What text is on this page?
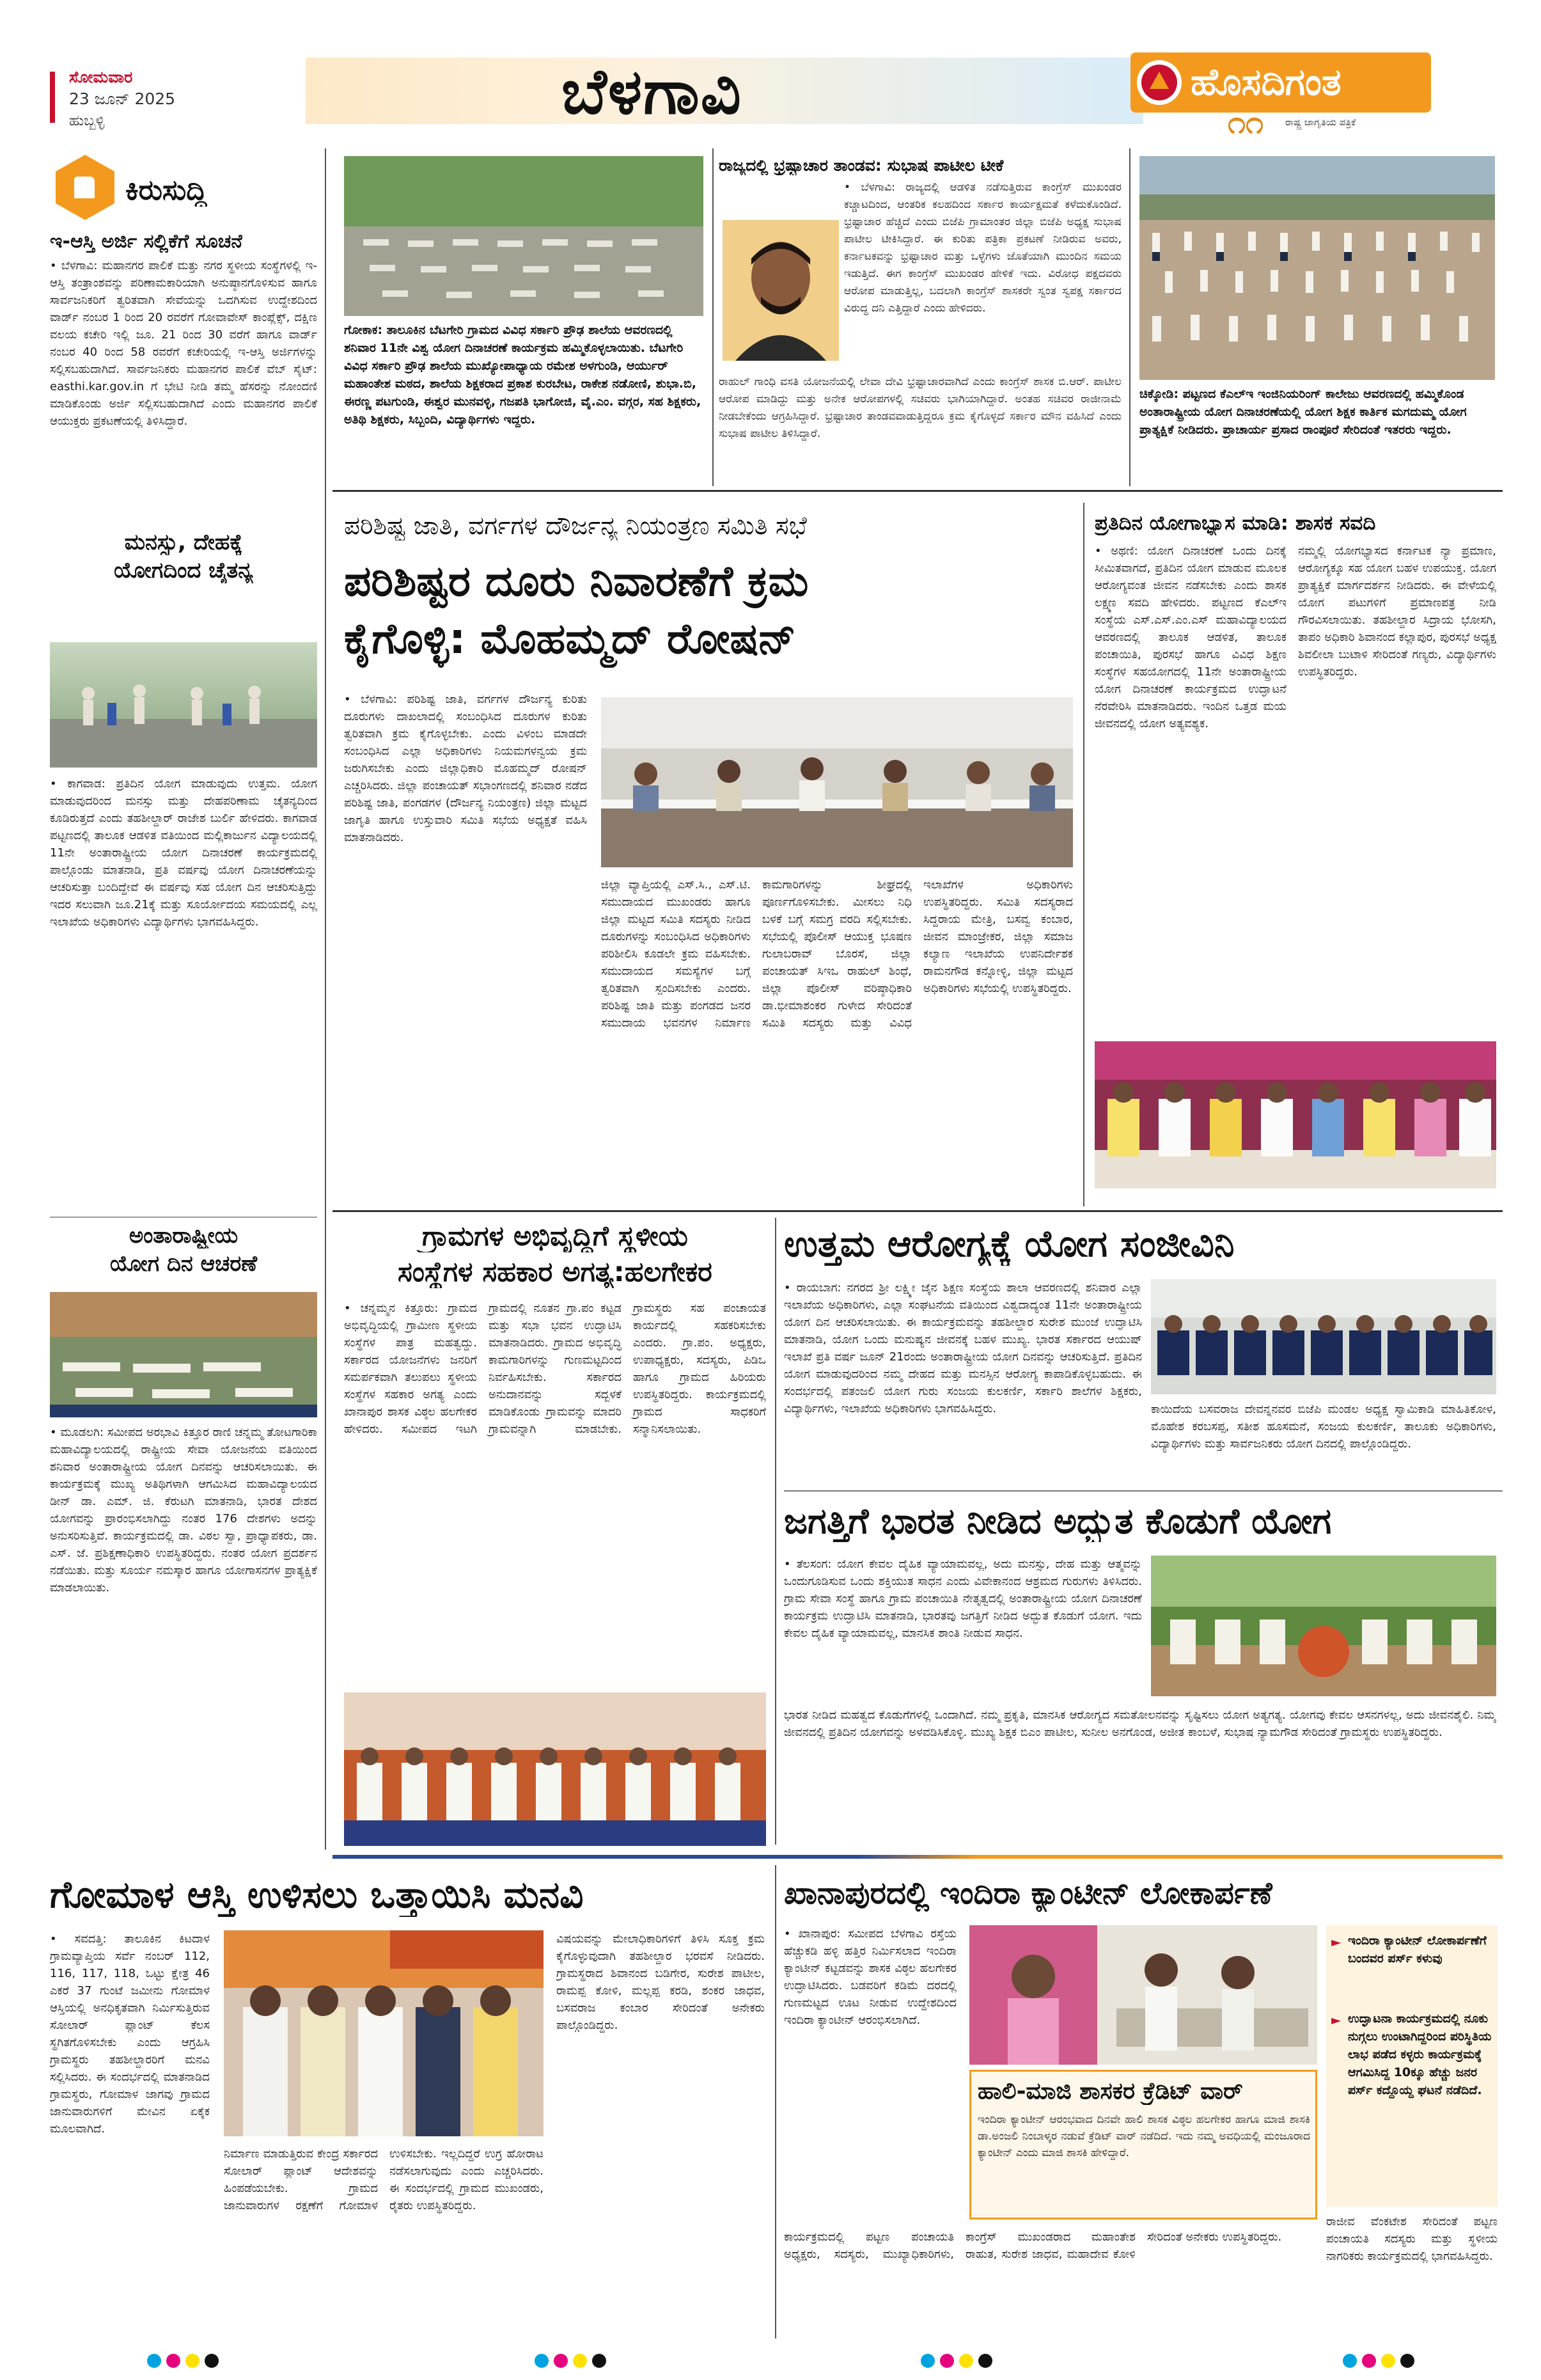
ಸೋಮವಾರ
23 ಜೂನ್ 2025
ಹುಬ್ಬಳ್ಳಿ	ಬೆಳಗಾವಿ	ಹೊಸದಿಗಂತ
ರಾಷ್ಟ್ರ ಜಾಗೃತಿಯ ಪತ್ರಿಕೆ
೧೧
ಕಿರುಸುದ್ದಿ
ಇ-ಆಸ್ತಿ ಅರ್ಜಿ ಸಲ್ಲಿಕೆಗೆ ಸೂಚನೆ
• ಬೆಳಗಾವಿ: ಮಹಾನಗರ ಪಾಲಿಕೆ ಮತ್ತು ನಗರ ಸ್ಥಳೀಯ ಸಂಸ್ಥೆಗಳಲ್ಲಿ ಇ-ಆಸ್ತಿ ತಂತ್ರಾಂಶವನ್ನು ಪರಿಣಾಮಕಾರಿಯಾಗಿ ಅನುಷ್ಠಾನಗೊಳಿಸುವ ಹಾಗೂ ಸಾರ್ವಜನಿಕರಿಗೆ ತ್ವರಿತವಾಗಿ ಸೇವೆಯನ್ನು ಒದಗಿಸುವ ಉದ್ದೇಶದಿಂದ ವಾರ್ಡ್ ನಂಬರ 1 ರಿಂದ 20 ರವರೆಗೆ ಗೋವಾವೇಸ್ ಕಾಂಪ್ಲೆಕ್ಸ್, ದಕ್ಷಿಣ ವಲಯ ಕಚೇರಿ ಇಲ್ಲಿ ಜೂ. 21 ರಿಂದ 30 ವರೆಗೆ ಹಾಗೂ ವಾರ್ಡ್ ನಂಬರ 40 ರಿಂದ 58 ರವರೆಗೆ ಕಚೇರಿಯಲ್ಲಿ ಇ-ಆಸ್ತಿ ಅರ್ಜಿಗಳನ್ನು ಸಲ್ಲಿಸಬಹುದಾಗಿದೆ. ಸಾರ್ವಜನಿಕರು ಮಹಾನಗರ ಪಾಲಿಕೆ ವೆಬ್ ಸೈಟ್: easthi.kar.gov.in ಗೆ ಭೇಟಿ ನೀಡಿ ತಮ್ಮ ಹೆಸರನ್ನು ನೋಂದಣಿ ಮಾಡಿಕೊಂಡು ಅರ್ಜಿ ಸಲ್ಲಿಸಬಹುದಾಗಿದೆ ಎಂದು ಮಹಾನಗರ ಪಾಲಿಕೆ ಆಯುಕ್ತರು ಪ್ರಕಟಣೆಯಲ್ಲಿ ತಿಳಿಸಿದ್ದಾರೆ.
ಮನಸ್ಸು, ದೇಹಕ್ಕೆ
ಯೋಗದಿಂದ ಚೈತನ್ಯ
• ಕಾಗವಾಡ: ಪ್ರತಿದಿನ ಯೋಗ ಮಾಡುವುದು ಉತ್ತಮ. ಯೋಗ ಮಾಡುವುದರಿಂದ ಮನಸ್ಸು ಮತ್ತು ದೇಹಪರಿಣಾಮ ಚೈತನ್ಯದಿಂದ ಕೂಡಿರುತ್ತದೆ ಎಂದು ತಹಶೀಲ್ದಾರ್ ರಾಜೇಶ ಬುರ್ಲಿ ಹೇಳಿದರು. ಕಾಗವಾಡ ಪಟ್ಟಣದಲ್ಲಿ ತಾಲೂಕ ಆಡಳಿತ ವತಿಯಿಂದ ಮಲ್ಲಿಕಾರ್ಜುನ ವಿದ್ಯಾಲಯದಲ್ಲಿ 11ನೇ ಅಂತಾರಾಷ್ಟ್ರೀಯ ಯೋಗ ದಿನಾಚರಣೆ ಕಾರ್ಯಕ್ರಮದಲ್ಲಿ ಪಾಲ್ಗೊಂಡು ಮಾತನಾಡಿ, ಪ್ರತಿ ವರ್ಷವು ಯೋಗ ದಿನಾಚರಣೆಯನ್ನು ಆಚರಿಸುತ್ತಾ ಬಂದಿದ್ದೇವೆ ಈ ವರ್ಷವು ಸಹ ಯೋಗ ದಿನ ಆಚರಿಸುತ್ತಿದ್ದು ಇದರ ಸಲುವಾಗಿ ಜೂ.21ಕ್ಕೆ ಮತ್ತು ಸೂರ್ಯೋದಯ ಸಮಯದಲ್ಲಿ ಎಲ್ಲ ಇಲಾಖೆಯ ಅಧಿಕಾರಿಗಳು ವಿದ್ಯಾರ್ಥಿಗಳು ಭಾಗವಹಿಸಿದ್ದರು.
ಅಂತಾರಾಷ್ಟ್ರೀಯ
ಯೋಗ ದಿನ ಆಚರಣೆ
• ಮೂಡಲಗಿ: ಸಮೀಪದ ಅರಭಾವಿ ಕಿತ್ತೂರ ರಾಣಿ ಚನ್ನಮ್ಮ ತೋಟಗಾರಿಕಾ ಮಹಾವಿದ್ಯಾಲಯದಲ್ಲಿ ರಾಷ್ಟ್ರೀಯ ಸೇವಾ ಯೋಜನೆಯ ವತಿಯಿಂದ ಶನಿವಾರ ಅಂತಾರಾಷ್ಟ್ರೀಯ ಯೋಗ ದಿನವನ್ನು ಆಚರಿಸಲಾಯಿತು. ಈ ಕಾರ್ಯಕ್ರಮಕ್ಕೆ ಮುಖ್ಯ ಅತಿಥಿಗಳಾಗಿ ಆಗಮಿಸಿದ ಮಹಾವಿದ್ಯಾಲಯದ ಡೀನ್ ಡಾ. ಎಮ್. ಜಿ. ಕೆರುಟಗಿ ಮಾತನಾಡಿ, ಭಾರತ ದೇಶದ ಯೋಗವನ್ನು ಪ್ರಾರಂಭಿಸಲಾಗಿದ್ದು ನಂತರ 176 ದೇಶಗಳು ಅದನ್ನು ಅನುಸರಿಸುತ್ತಿವೆ. ಕಾರ್ಯಕ್ರಮದಲ್ಲಿ ಡಾ. ವಿಠಲ ಸ್ವಾ, ಪ್ರಾಧ್ಯಾಪಕರು, ಡಾ. ಎಸ್. ಜೆ. ಪ್ರಶಿಕ್ಷಣಾಧಿಕಾರಿ ಉಪಸ್ಥಿತರಿದ್ದರು. ನಂತರ ಯೋಗ ಪ್ರದರ್ಶನ ನಡೆಯಿತು. ಮತ್ತು ಸೂರ್ಯ ನಮಸ್ಕಾರ ಹಾಗೂ ಯೋಗಾಸನಗಳ ಪ್ರಾತ್ಯಕ್ಷಿಕೆ ಮಾಡಲಾಯಿತು.
ಗೋಕಾಕ: ತಾಲೂಕಿನ ಬೆಟಗೇರಿ ಗ್ರಾಮದ ವಿವಿಧ ಸರ್ಕಾರಿ ಪ್ರೌಢ ಶಾಲೆಯ ಆವರಣದಲ್ಲಿ ಶನಿವಾರ 11ನೇ ವಿಶ್ವ ಯೋಗ ದಿನಾಚರಣೆ ಕಾರ್ಯಕ್ರಮ ಹಮ್ಮಿಕೊಳ್ಳಲಾಯಿತು. ಬೆಟಗೇರಿ ವಿವಿಧ ಸರ್ಕಾರಿ ಪ್ರೌಢ ಶಾಲೆಯ ಮುಖ್ಯೋಪಾಧ್ಯಾಯ ರಮೇಶ ಅಳಗುಂಡಿ, ಆರ್ಯುರ್ ಮಹಾಂತೇಶ ಮಠದ, ಶಾಲೆಯ ಶಿಕ್ಷಕರಾದ ಪ್ರಕಾಶ ಕುರಬೇಟ, ರಾಕೇಶ ನಡೋಣಿ, ಶುಭಾ.ಬಿ, ಈರಣ್ಣ ಪಟಗುಂಡಿ, ಈಶ್ವರ ಮುನವಳ್ಳಿ, ಗಜಪತಿ ಭಾಗೋಜಿ, ವೈ.ಎಂ. ವಗ್ಗರ, ಸಹ ಶಿಕ್ಷಕರು, ಅತಿಥಿ ಶಿಕ್ಷಕರು, ಸಿಬ್ಬಂದಿ, ವಿದ್ಯಾರ್ಥಿಗಳು ಇದ್ದರು.
ರಾಜ್ಯದಲ್ಲಿ ಭ್ರಷ್ಟಾಚಾರ ತಾಂಡವ: ಸುಭಾಷ ಪಾಟೀಲ ಟೀಕೆ
• ಬೆಳಗಾವಿ: ರಾಜ್ಯದಲ್ಲಿ ಆಡಳಿತ ನಡೆಸುತ್ತಿರುವ ಕಾಂಗ್ರೆಸ್ ಮುಖಂಡರ ಕಚ್ಚಾಟದಿಂದ, ಆಂತರಿಕ ಕಲಹದಿಂದ ಸರ್ಕಾರ ಕಾರ್ಯಕ್ಷಮತೆ ಕಳೆದುಕೊಂಡಿದೆ. ಭ್ರಷ್ಟಾಚಾರ ಹೆಚ್ಚಿದೆ ಎಂದು ಬಿಜೆಪಿ ಗ್ರಾಮಾಂತರ ಜಿಲ್ಲಾ ಬಿಜೆಪಿ ಅಧ್ಯಕ್ಷ ಸುಭಾಷ ಪಾಟೀಲ ಟೀಕಿಸಿದ್ದಾರೆ. ಈ ಕುರಿತು ಪತ್ರಿಕಾ ಪ್ರಕಟಣೆ ನೀಡಿರುವ ಅವರು, ಕರ್ನಾಟಕವನ್ನು ಭ್ರಷ್ಟಾಚಾರ ಮತ್ತು ಒಳ್ಳೆಗಳು ಜೊತೆಯಾಗಿ ಮುಂದಿನ ಸಮಯ ಇಡುತ್ತಿದೆ. ಈಗ ಕಾಂಗ್ರೆಸ್ ಮುಖಂಡರ ಹೇಳಿಕೆ ಇದು. ವಿರೋಧ ಪಕ್ಷದವರು ಆರೋಪ ಮಾಡುತ್ತಿಲ್ಲ, ಬದಲಾಗಿ ಕಾಂಗ್ರೆಸ್ ಶಾಸಕರೇ ಸ್ವಂತ ಸ್ವಪಕ್ಷ ಸರ್ಕಾರದ ವಿರುದ್ಧ ದನಿ ಎತ್ತಿದ್ದಾರೆ ಎಂದು ಹೇಳಿದರು.
ರಾಹುಲ್ ಗಾಂಧಿ ವಸತಿ ಯೋಜನೆಯಲ್ಲಿ ಲೇವಾ ದೇವಿ ಭ್ರಷ್ಟಾಚಾರವಾಗಿದೆ ಎಂದು ಕಾಂಗ್ರೆಸ್ ಶಾಸಕ ಬಿ.ಆರ್. ಪಾಟೀಲ ಆರೋಪ ಮಾಡಿದ್ದು ಮತ್ತು ಅನೇಕ ಆರೋಪಗಳಲ್ಲಿ ಸಚಿವರು ಭಾಗಿಯಾಗಿದ್ದಾರೆ. ಅಂತಹ ಸಚಿವರ ರಾಜೀನಾಮೆ ನೀಡಬೇಕೆಂದು ಆಗ್ರಹಿಸಿದ್ದಾರೆ. ಭ್ರಷ್ಟಾಚಾರ ತಾಂಡವವಾಡುತ್ತಿದ್ದರೂ ಕ್ರಮ ಕೈಗೊಳ್ಳದೆ ಸರ್ಕಾರ ಮೌನ ವಹಿಸಿದೆ ಎಂದು ಸುಭಾಷ ಪಾಟೀಲ ತಿಳಿಸಿದ್ದಾರೆ.
ಚಿಕ್ಕೋಡಿ: ಪಟ್ಟಣದ ಕೆಎಲ್‌ಇ ಇಂಜಿನಿಯರಿಂಗ್ ಕಾಲೇಜು ಆವರಣದಲ್ಲಿ ಹಮ್ಮಿಕೊಂಡ ಅಂತಾರಾಷ್ಟ್ರೀಯ ಯೋಗ ದಿನಾಚರಣೆಯಲ್ಲಿ ಯೋಗ ಶಿಕ್ಷಕ ಕಾರ್ತಿಕ ಮಗದುಮ್ಮ ಯೋಗ ಪ್ರಾತ್ಯಕ್ಷಿಕೆ ನೀಡಿದರು. ಪ್ರಾಚಾರ್ಯ ಪ್ರಸಾದ ರಾಂಪೂರೆ ಸೇರಿದಂತೆ ಇತರರು ಇದ್ದರು.
ಪರಿಶಿಷ್ಟ ಜಾತಿ, ವರ್ಗಗಳ ದೌರ್ಜನ್ಯ ನಿಯಂತ್ರಣ ಸಮಿತಿ ಸಭೆ
ಪರಿಶಿಷ್ಟರ ದೂರು ನಿವಾರಣೆಗೆ ಕ್ರಮ
ಕೈಗೊಳ್ಳಿ: ಮೊಹಮ್ಮದ್ ರೋಷನ್
• ಬೆಳಗಾವಿ: ಪರಿಶಿಷ್ಟ ಜಾತಿ, ವರ್ಗಗಳ ದೌರ್ಜನ್ಯ ಕುರಿತು ದೂರುಗಳು ದಾಖಲಾದಲ್ಲಿ ಸಂಬಂಧಿಸಿದ ದೂರುಗಳ ಕುರಿತು ತ್ವರಿತವಾಗಿ ಕ್ರಮ ಕೈಗೊಳ್ಳಬೇಕು. ಎಂದು ವಿಳಂಬ ಮಾಡದೇ ಸಂಬಂಧಿಸಿದ ಎಲ್ಲಾ ಅಧಿಕಾರಿಗಳು ನಿಯಮಗಳನ್ವಯ ಕ್ರಮ ಜರುಗಿಸಬೇಕು ಎಂದು ಜಿಲ್ಲಾಧಿಕಾರಿ ಮೊಹಮ್ಮದ್ ರೋಷನ್ ಎಚ್ಚರಿಸಿದರು. ಜಿಲ್ಲಾ ಪಂಚಾಯತ್ ಸಭಾಂಗಣದಲ್ಲಿ ಶನಿವಾರ ನಡೆದ ಪರಿಶಿಷ್ಟ ಜಾತಿ, ಪಂಗಡಗಳ (ದೌರ್ಜನ್ಯ ನಿಯಂತ್ರಣ) ಜಿಲ್ಲಾ ಮಟ್ಟದ ಜಾಗೃತಿ ಹಾಗೂ ಉಸ್ತುವಾರಿ ಸಮಿತಿ ಸಭೆಯ ಅಧ್ಯಕ್ಷತೆ ವಹಿಸಿ ಮಾತನಾಡಿದರು.
ಜಿಲ್ಲಾ ವ್ಯಾಪ್ತಿಯಲ್ಲಿ ಎಸ್.ಸಿ., ಎಸ್.ಟಿ. ಸಮುದಾಯದ ಮುಖಂಡರು ಹಾಗೂ ಜಿಲ್ಲಾ ಮಟ್ಟದ ಸಮಿತಿ ಸದಸ್ಯರು ನೀಡಿದ ದೂರುಗಳನ್ನು ಸಂಬಂಧಿಸಿದ ಅಧಿಕಾರಿಗಳು ಪರಿಶೀಲಿಸಿ ಕೂಡಲೇ ಕ್ರಮ ವಹಿಸಬೇಕು. ಸಮುದಾಯದ ಸಮಸ್ಯೆಗಳ ಬಗ್ಗೆ ತ್ವರಿತವಾಗಿ ಸ್ಪಂದಿಸಬೇಕು ಎಂದರು. ಪರಿಶಿಷ್ಟ ಜಾತಿ ಮತ್ತು ಪಂಗಡದ ಜನರ ಸಮುದಾಯ ಭವನಗಳ ನಿರ್ಮಾಣ ಕಾಮಗಾರಿಗಳನ್ನು ಶೀಘ್ರದಲ್ಲಿ ಪೂರ್ಣಗೊಳಿಸಬೇಕು. ಮೀಸಲು ನಿಧಿ ಬಳಕೆ ಬಗ್ಗೆ ಸಮಗ್ರ ವರದಿ ಸಲ್ಲಿಸಬೇಕು. ಸಭೆಯಲ್ಲಿ ಪೊಲೀಸ್ ಆಯುಕ್ತ ಭೂಷಣ ಗುಲಾಬರಾವ್ ಬೊರಸೆ, ಜಿಲ್ಲಾ ಪಂಚಾಯತ್ ಸಿಇಒ ರಾಹುಲ್ ಶಿಂಧೆ, ಜಿಲ್ಲಾ ಪೊಲೀಸ್ ವರಿಷ್ಠಾಧಿಕಾರಿ ಡಾ.ಭೀಮಾಶಂಕರ ಗುಳೇದ ಸೇರಿದಂತೆ ಸಮಿತಿ ಸದಸ್ಯರು ಮತ್ತು ವಿವಿಧ ಇಲಾಖೆಗಳ ಅಧಿಕಾರಿಗಳು ಉಪಸ್ಥಿತರಿದ್ದರು. ಸಮಿತಿ ಸದಸ್ಯರಾದ ಸಿದ್ದರಾಯ ಮೇತ್ರಿ, ಬಸವ್ವ ಕಂಬಾರ, ಜೀವನ ಮಾಂಜ್ರೇಕರ, ಜಿಲ್ಲಾ ಸಮಾಜ ಕಲ್ಯಾಣ ಇಲಾಖೆಯ ಉಪನಿರ್ದೇಶಕ ರಾಮನಗೌಡ ಕನ್ನೋಳ್ಳಿ, ಜಿಲ್ಲಾ ಮಟ್ಟದ ಅಧಿಕಾರಿಗಳು ಸಭೆಯಲ್ಲಿ ಉಪಸ್ಥಿತರಿದ್ದರು.
ಪ್ರತಿದಿನ ಯೋಗಾಭ್ಯಾಸ ಮಾಡಿ: ಶಾಸಕ ಸವದಿ
• ಅಥಣಿ: ಯೋಗ ದಿನಾಚರಣೆ ಒಂದು ದಿನಕ್ಕೆ ಸೀಮಿತವಾಗದೆ, ಪ್ರತಿದಿನ ಯೋಗ ಮಾಡುವ ಮೂಲಕ ಆರೋಗ್ಯವಂತ ಜೀವನ ನಡೆಸಬೇಕು ಎಂದು ಶಾಸಕ ಲಕ್ಷ್ಮಣ ಸವದಿ ಹೇಳಿದರು. ಪಟ್ಟಣದ ಕೆಎಲ್‌ಇ ಸಂಸ್ಥೆಯ ಎಸ್.ಎಸ್.ಎಂ.ಎಸ್ ಮಹಾವಿದ್ಯಾಲಯದ ಆವರಣದಲ್ಲಿ ತಾಲೂಕ ಆಡಳಿತ, ತಾಲೂಕ ಪಂಚಾಯಿತಿ, ಪುರಸಭೆ ಹಾಗೂ ವಿವಿಧ ಶಿಕ್ಷಣ ಸಂಸ್ಥೆಗಳ ಸಹಯೋಗದಲ್ಲಿ 11ನೇ ಅಂತಾರಾಷ್ಟ್ರೀಯ ಯೋಗ ದಿನಾಚರಣೆ ಕಾರ್ಯಕ್ರಮದ ಉದ್ಘಾಟನೆ ನೆರವೇರಿಸಿ ಮಾತನಾಡಿದರು. ಇಂದಿನ ಒತ್ತಡ ಮಯ ಜೀವನದಲ್ಲಿ ಯೋಗ ಅತ್ಯವಶ್ಯಕ.
ನಮ್ಮಲ್ಲಿ ಯೋಗಭ್ಯಾಸದ ಕರ್ನಾಟಕ ನ್ಯಾ ಪ್ರಮಾಣ, ಆರೋಗ್ಯಕ್ಕೂ ಸಹ ಯೋಗ ಬಹಳ ಉಪಯುಕ್ತ. ಯೋಗ ಪ್ರಾತ್ಯಕ್ಷಿಕೆ ಮಾರ್ಗದರ್ಶನ ನೀಡಿದರು. ಈ ವೇಳೆಯಲ್ಲಿ ಯೋಗ ಪಟುಗಳಿಗೆ ಪ್ರಮಾಣಪತ್ರ ನೀಡಿ ಗೌರವಿಸಲಾಯಿತು. ತಹಶೀಲ್ದಾರ ಸಿದ್ರಾಯ ಭೋಸಗಿ, ತಾಪಂ ಅಧಿಕಾರಿ ಶಿವಾನಂದ ಕಲ್ಲಾಪುರ, ಪುರಸಭೆ ಅಧ್ಯಕ್ಷ ಶಿವಲೀಲಾ ಬುಟಾಳಿ ಸೇರಿದಂತೆ ಗಣ್ಯರು, ವಿದ್ಯಾರ್ಥಿಗಳು ಉಪಸ್ಥಿತರಿದ್ದರು.
ಗ್ರಾಮಗಳ ಅಭಿವೃದ್ಧಿಗೆ ಸ್ಥಳೀಯ
ಸಂಸ್ಥೆಗಳ ಸಹಕಾರ ಅಗತ್ಯ:ಹಲಗೇಕರ
• ಚನ್ನಮ್ಮನ ಕಿತ್ತೂರು: ಗ್ರಾಮದ ಅಭಿವೃದ್ಧಿಯಲ್ಲಿ ಗ್ರಾಮೀಣ ಸ್ಥಳೀಯ ಸಂಸ್ಥೆಗಳ ಪಾತ್ರ ಮಹತ್ವದ್ದು. ಸರ್ಕಾರದ ಯೋಜನೆಗಳು ಜನರಿಗೆ ಸಮರ್ಪಕವಾಗಿ ತಲುಪಲು ಸ್ಥಳೀಯ ಸಂಸ್ಥೆಗಳ ಸಹಕಾರ ಅಗತ್ಯ ಎಂದು ಖಾನಾಪುರ ಶಾಸಕ ವಿಠ್ಠಲ ಹಲಗೇಕರ ಹೇಳಿದರು. ಸಮೀಪದ ಇಟಗಿ ಗ್ರಾಮದಲ್ಲಿ ನೂತನ ಗ್ರಾ.ಪಂ ಕಟ್ಟಡ ಮತ್ತು ಸಭಾ ಭವನ ಉದ್ಘಾಟಿಸಿ ಮಾತನಾಡಿದರು. ಗ್ರಾಮದ ಅಭಿವೃದ್ಧಿ ಕಾಮಗಾರಿಗಳನ್ನು ಗುಣಮಟ್ಟದಿಂದ ನಿರ್ವಹಿಸಬೇಕು. ಸರ್ಕಾರದ ಅನುದಾನವನ್ನು ಸದ್ಬಳಕೆ ಮಾಡಿಕೊಂಡು ಗ್ರಾಮವನ್ನು ಮಾದರಿ ಗ್ರಾಮವನ್ನಾಗಿ ಮಾಡಬೇಕು. ಗ್ರಾಮಸ್ಥರು ಸಹ ಪಂಚಾಯತ ಕಾರ್ಯದಲ್ಲಿ ಸಹಕರಿಸಬೇಕು ಎಂದರು. ಗ್ರಾ.ಪಂ. ಅಧ್ಯಕ್ಷರು, ಉಪಾಧ್ಯಕ್ಷರು, ಸದಸ್ಯರು, ಪಿಡಿಒ ಹಾಗೂ ಗ್ರಾಮದ ಹಿರಿಯರು ಉಪಸ್ಥಿತರಿದ್ದರು. ಕಾರ್ಯಕ್ರಮದಲ್ಲಿ ಗ್ರಾಮದ ಸಾಧಕರಿಗೆ ಸನ್ಮಾನಿಸಲಾಯಿತು.
ಉತ್ತಮ ಆರೋಗ್ಯಕ್ಕೆ ಯೋಗ ಸಂಜೀವಿನಿ
• ರಾಯಬಾಗ: ನಗರದ ಶ್ರೀ ಲಕ್ಷ್ಮೀ ಜೈನ ಶಿಕ್ಷಣ ಸಂಸ್ಥೆಯ ಶಾಲಾ ಆವರಣದಲ್ಲಿ ಶನಿವಾರ ಎಲ್ಲಾ ಇಲಾಖೆಯ ಅಧಿಕಾರಿಗಳು, ಎಲ್ಲಾ ಸಂಘಟನೆಯ ವತಿಯಿಂದ ವಿಶ್ವದಾದ್ಯಂತ 11ನೇ ಅಂತಾರಾಷ್ಟ್ರೀಯ ಯೋಗ ದಿನ ಆಚರಿಸಲಾಯಿತು. ಈ ಕಾರ್ಯಕ್ರಮವನ್ನು ತಹಶೀಲ್ದಾರ ಸುರೇಶ ಮುಂಜೆ ಉದ್ಘಾಟಿಸಿ ಮಾತನಾಡಿ, ಯೋಗ ಒಂದು ಮನುಷ್ಯನ ಜೀವನಕ್ಕೆ ಬಹಳ ಮುಖ್ಯ. ಭಾರತ ಸರ್ಕಾರದ ಆಯುಷ್ ಇಲಾಖೆ ಪ್ರತಿ ವರ್ಷ ಜೂನ್ 21ರಂದು ಅಂತಾರಾಷ್ಟ್ರೀಯ ಯೋಗ ದಿನವನ್ನು ಆಚರಿಸುತ್ತಿದೆ. ಪ್ರತಿದಿನ ಯೋಗ ಮಾಡುವುದರಿಂದ ನಮ್ಮ ದೇಹದ ಮತ್ತು ಮನಸ್ಸಿನ ಆರೋಗ್ಯ ಕಾಪಾಡಿಕೊಳ್ಳಬಹುದು. ಈ ಸಂದರ್ಭದಲ್ಲಿ ಪತಂಜಲಿ ಯೋಗ ಗುರು ಸಂಜಯ ಕುಲಕರ್ಣಿ, ಸರ್ಕಾರಿ ಶಾಲೆಗಳ ಶಿಕ್ಷಕರು, ವಿದ್ಯಾರ್ಥಿಗಳು, ಇಲಾಖೆಯ ಅಧಿಕಾರಿಗಳು ಭಾಗವಹಿಸಿದ್ದರು.	ಕಾಯಿದೆಯ ಬಸವರಾಜ ದೇವನ್ನನವರ ಬಿಜೆಪಿ ಮಂಡಲ ಅಧ್ಯಕ್ಷ ಸ್ವಾಮಿಕಾಡಿ ಮಾಹಿತಿಕೋಳ, ಮೊಹೇಶ ಕರಬಸಪ್ಪ, ಸತೀಶ ಹೂಸಮನೆ, ಸಂಜಯ ಕುಲಕರ್ಣಿ, ತಾಲೂಕು ಅಧಿಕಾರಿಗಳು, ವಿದ್ಯಾರ್ಥಿಗಳು ಮತ್ತು ಸಾರ್ವಜನಿಕರು ಯೋಗ ದಿನದಲ್ಲಿ ಪಾಲ್ಗೊಂಡಿದ್ದರು.
ಜಗತ್ತಿಗೆ ಭಾರತ ನೀಡಿದ ಅದ್ಭುತ ಕೊಡುಗೆ ಯೋಗ
• ತೆಲಸಂಗ: ಯೋಗ ಕೇವಲ ದೈಹಿಕ ವ್ಯಾಯಾಮವಲ್ಲ, ಅದು ಮನಸ್ಸು, ದೇಹ ಮತ್ತು ಆತ್ಮವನ್ನು ಒಂದುಗೂಡಿಸುವ ಒಂದು ಶಕ್ತಿಯುತ ಸಾಧನ ಎಂದು ವಿವೇಕಾನಂದ ಆಶ್ರಮದ ಗುರುಗಳು ತಿಳಿಸಿದರು. ಗ್ರಾಮ ಸೇವಾ ಸಂಸ್ಥೆ ಹಾಗೂ ಗ್ರಾಮ ಪಂಚಾಯಿತಿ ನೇತೃತ್ವದಲ್ಲಿ ಅಂತಾರಾಷ್ಟ್ರೀಯ ಯೋಗ ದಿನಾಚರಣೆ ಕಾರ್ಯಕ್ರಮ ಉದ್ಘಾಟಿಸಿ ಮಾತನಾಡಿ, ಭಾರತವು ಜಗತ್ತಿಗೆ ನೀಡಿದ ಅದ್ಭುತ ಕೊಡುಗೆ ಯೋಗ. ಇದು ಕೇವಲ ದೈಹಿಕ ವ್ಯಾಯಾಮವಲ್ಲ, ಮಾನಸಿಕ ಶಾಂತಿ ನೀಡುವ ಸಾಧನ.
ಭಾರತ ನೀಡಿದ ಮಹತ್ವದ ಕೊಡುಗೆಗಳಲ್ಲಿ ಒಂದಾಗಿದೆ. ನಮ್ಮ ಪ್ರಕೃತಿ, ಮಾನಸಿಕ ಆರೋಗ್ಯದ ಸಮತೋಲನವನ್ನು ಸೃಷ್ಟಿಸಲು ಯೋಗ ಅತ್ಯಗತ್ಯ. ಯೋಗವು ಕೇವಲ ಆಸನಗಳಲ್ಲ, ಅದು ಜೀವನಶೈಲಿ. ನಿಮ್ಮ ಜೀವನದಲ್ಲಿ ಪ್ರತಿದಿನ ಯೋಗವನ್ನು ಅಳವಡಿಸಿಕೊಳ್ಳಿ. ಮುಖ್ಯ ಶಿಕ್ಷಕ ಬಿಎಂ ಪಾಟೀಲ, ಸುನೀಲ ಅನಗೊಂಡ, ಅಜೀತ ಕಾಂಬಳೆ, ಸುಭಾಷ ನ್ಯಾಮಗೌಡ ಸೇರಿದಂತೆ ಗ್ರಾಮಸ್ಥರು ಉಪಸ್ಥಿತರಿದ್ದರು.
ಗೋಮಾಳ ಆಸ್ತಿ ಉಳಿಸಲು ಒತ್ತಾಯಿಸಿ ಮನವಿ
• ಸವದತ್ತಿ: ತಾಲೂಕಿನ ಕಿಟದಾಳ ಗ್ರಾಮವ್ಯಾಪ್ತಿಯ ಸರ್ವೆ ನಂಬರ್ 112, 116, 117, 118, ಒಟ್ಟು ಕ್ಷೇತ್ರ 46 ಎಕರೆ 37 ಗುಂಟೆ ಜಮೀನು ಗೋಮಾಳ ಆಸ್ತಿಯಲ್ಲಿ ಅನಧಿಕೃತವಾಗಿ ನಿರ್ಮಿಸುತ್ತಿರುವ ಸೋಲಾರ್ ಪ್ಲಾಂಟ್ ಕೆಲಸ ಸ್ಥಗಿತಗೊಳಿಸಬೇಕು ಎಂದು ಆಗ್ರಹಿಸಿ ಗ್ರಾಮಸ್ಥರು ತಹಶೀಲ್ದಾರರಿಗೆ ಮನವಿ ಸಲ್ಲಿಸಿದರು. ಈ ಸಂದರ್ಭದಲ್ಲಿ ಮಾತನಾಡಿದ ಗ್ರಾಮಸ್ಥರು, ಗೋಮಾಳ ಜಾಗವು ಗ್ರಾಮದ ಜಾನುವಾರುಗಳಿಗೆ ಮೇವಿನ ಏಕೈಕ ಮೂಲವಾಗಿದೆ.
ನಿರ್ಮಾಣ ಮಾಡುತ್ತಿರುವ ಕೇಂದ್ರ ಸರ್ಕಾರದ ಸೋಲಾರ್ ಪ್ಲಾಂಟ್ ಆದೇಶವನ್ನು ಹಿಂಪಡೆಯಬೇಕು. ಗ್ರಾಮದ ಜಾನುವಾರುಗಳ ರಕ್ಷಣೆಗೆ ಗೋಮಾಳ ಉಳಿಸಬೇಕು. ಇಲ್ಲದಿದ್ದರೆ ಉಗ್ರ ಹೋರಾಟ ನಡೆಸಲಾಗುವುದು ಎಂದು ಎಚ್ಚರಿಸಿದರು. ಈ ಸಂದರ್ಭದಲ್ಲಿ ಗ್ರಾಮದ ಮುಖಂಡರು, ರೈತರು ಉಪಸ್ಥಿತರಿದ್ದರು.
ವಿಷಯವನ್ನು ಮೇಲಾಧಿಕಾರಿಗಳಿಗೆ ತಿಳಿಸಿ ಸೂಕ್ತ ಕ್ರಮ ಕೈಗೊಳ್ಳುವುದಾಗಿ ತಹಶೀಲ್ದಾರ ಭರವಸೆ ನೀಡಿದರು. ಗ್ರಾಮಸ್ಥರಾದ ಶಿವಾನಂದ ಬಡಿಗೇರ, ಸುರೇಶ ಪಾಟೀಲ, ರಾಮಪ್ಪ ಕೋಳಿ, ಮಲ್ಲಪ್ಪ ಕರಡಿ, ಶಂಕರ ಜಾಧವ, ಬಸವರಾಜ ಕಂಬಾರ ಸೇರಿದಂತೆ ಅನೇಕರು ಪಾಲ್ಗೊಂಡಿದ್ದರು.
ಖಾನಾಪುರದಲ್ಲಿ ಇಂದಿರಾ ಕ್ಯಾಂಟೀನ್ ಲೋಕಾರ್ಪಣೆ
• ಖಾನಾಪುರ: ಸಮೀಪದ ಬೆಳಗಾವಿ ರಸ್ತೆಯ ಹೆಚ್ಚುಕಡಿ ಹಳ್ಳಿ ಹತ್ತಿರ ನಿರ್ಮಿಸಲಾದ ಇಂದಿರಾ ಕ್ಯಾಂಟೀನ್ ಕಟ್ಟಡವನ್ನು ಶಾಸಕ ವಿಠ್ಠಲ ಹಲಗೇಕರ ಉದ್ಘಾಟಿಸಿದರು. ಬಡವರಿಗೆ ಕಡಿಮೆ ದರದಲ್ಲಿ ಗುಣಮಟ್ಟದ ಊಟ ನೀಡುವ ಉದ್ದೇಶದಿಂದ ಇಂದಿರಾ ಕ್ಯಾಂಟೀನ್ ಆರಂಭಿಸಲಾಗಿದೆ.
ಹಾಲಿ-ಮಾಜಿ ಶಾಸಕರ ಕ್ರೆಡಿಟ್ ವಾರ್
ಇಂದಿರಾ ಕ್ಯಾಂಟೀನ್ ಆರಂಭವಾದ ದಿನವೇ ಹಾಲಿ ಶಾಸಕ ವಿಠ್ಠಲ ಹಲಗೇಕರ ಹಾಗೂ ಮಾಜಿ ಶಾಸಕಿ ಡಾ.ಅಂಜಲಿ ನಿಂಬಾಳ್ಕರ ನಡುವೆ ಕ್ರೆಡಿಟ್ ವಾರ್ ನಡೆದಿದೆ. ಇದು ನಮ್ಮ ಅವಧಿಯಲ್ಲಿ ಮಂಜೂರಾದ ಕ್ಯಾಂಟೀನ್ ಎಂದು ಮಾಜಿ ಶಾಸಕಿ ಹೇಳಿದ್ದಾರೆ.
ಕಾರ್ಯಕ್ರಮದಲ್ಲಿ ಪಟ್ಟಣ ಪಂಚಾಯತಿ ಅಧ್ಯಕ್ಷರು, ಸದಸ್ಯರು, ಮುಖ್ಯಾಧಿಕಾರಿಗಳು, ಕಾಂಗ್ರೆಸ್ ಮುಖಂಡರಾದ ಮಹಾಂತೇಶ ರಾಹುತ, ಸುರೇಶ ಜಾಧವ, ಮಹಾದೇವ ಕೋಳಿ ಸೇರಿದಂತೆ ಅನೇಕರು ಉಪಸ್ಥಿತರಿದ್ದರು.
► ಇಂದಿರಾ ಕ್ಯಾಂಟೀನ್ ಲೋಕಾರ್ಪಣೆಗೆ ಬಂದವರ ಪರ್ಸ್ ಕಳುವು
► ಉದ್ಘಾಟನಾ ಕಾರ್ಯಕ್ರಮದಲ್ಲಿ ನೂಕು ನುಗ್ಗಲು ಉಂಟಾಗಿದ್ದರಿಂದ ಪರಿಸ್ಥಿತಿಯ ಲಾಭ ಪಡೆದ ಕಳ್ಳರು ಕಾರ್ಯಕ್ರಮಕ್ಕೆ ಆಗಮಿಸಿದ್ದ 10ಕ್ಕೂ ಹೆಚ್ಚು ಜನರ ಪರ್ಸ್ ಕದ್ದೊಯ್ದ ಘಟನೆ ನಡೆದಿದೆ.
ರಾಜೀವ ವೆಂಕಟೇಶ ಸೇರಿದಂತೆ ಪಟ್ಟಣ ಪಂಚಾಯತಿ ಸದಸ್ಯರು ಮತ್ತು ಸ್ಥಳೀಯ ನಾಗರಿಕರು ಕಾರ್ಯಕ್ರಮದಲ್ಲಿ ಭಾಗವಹಿಸಿದ್ದರು.
